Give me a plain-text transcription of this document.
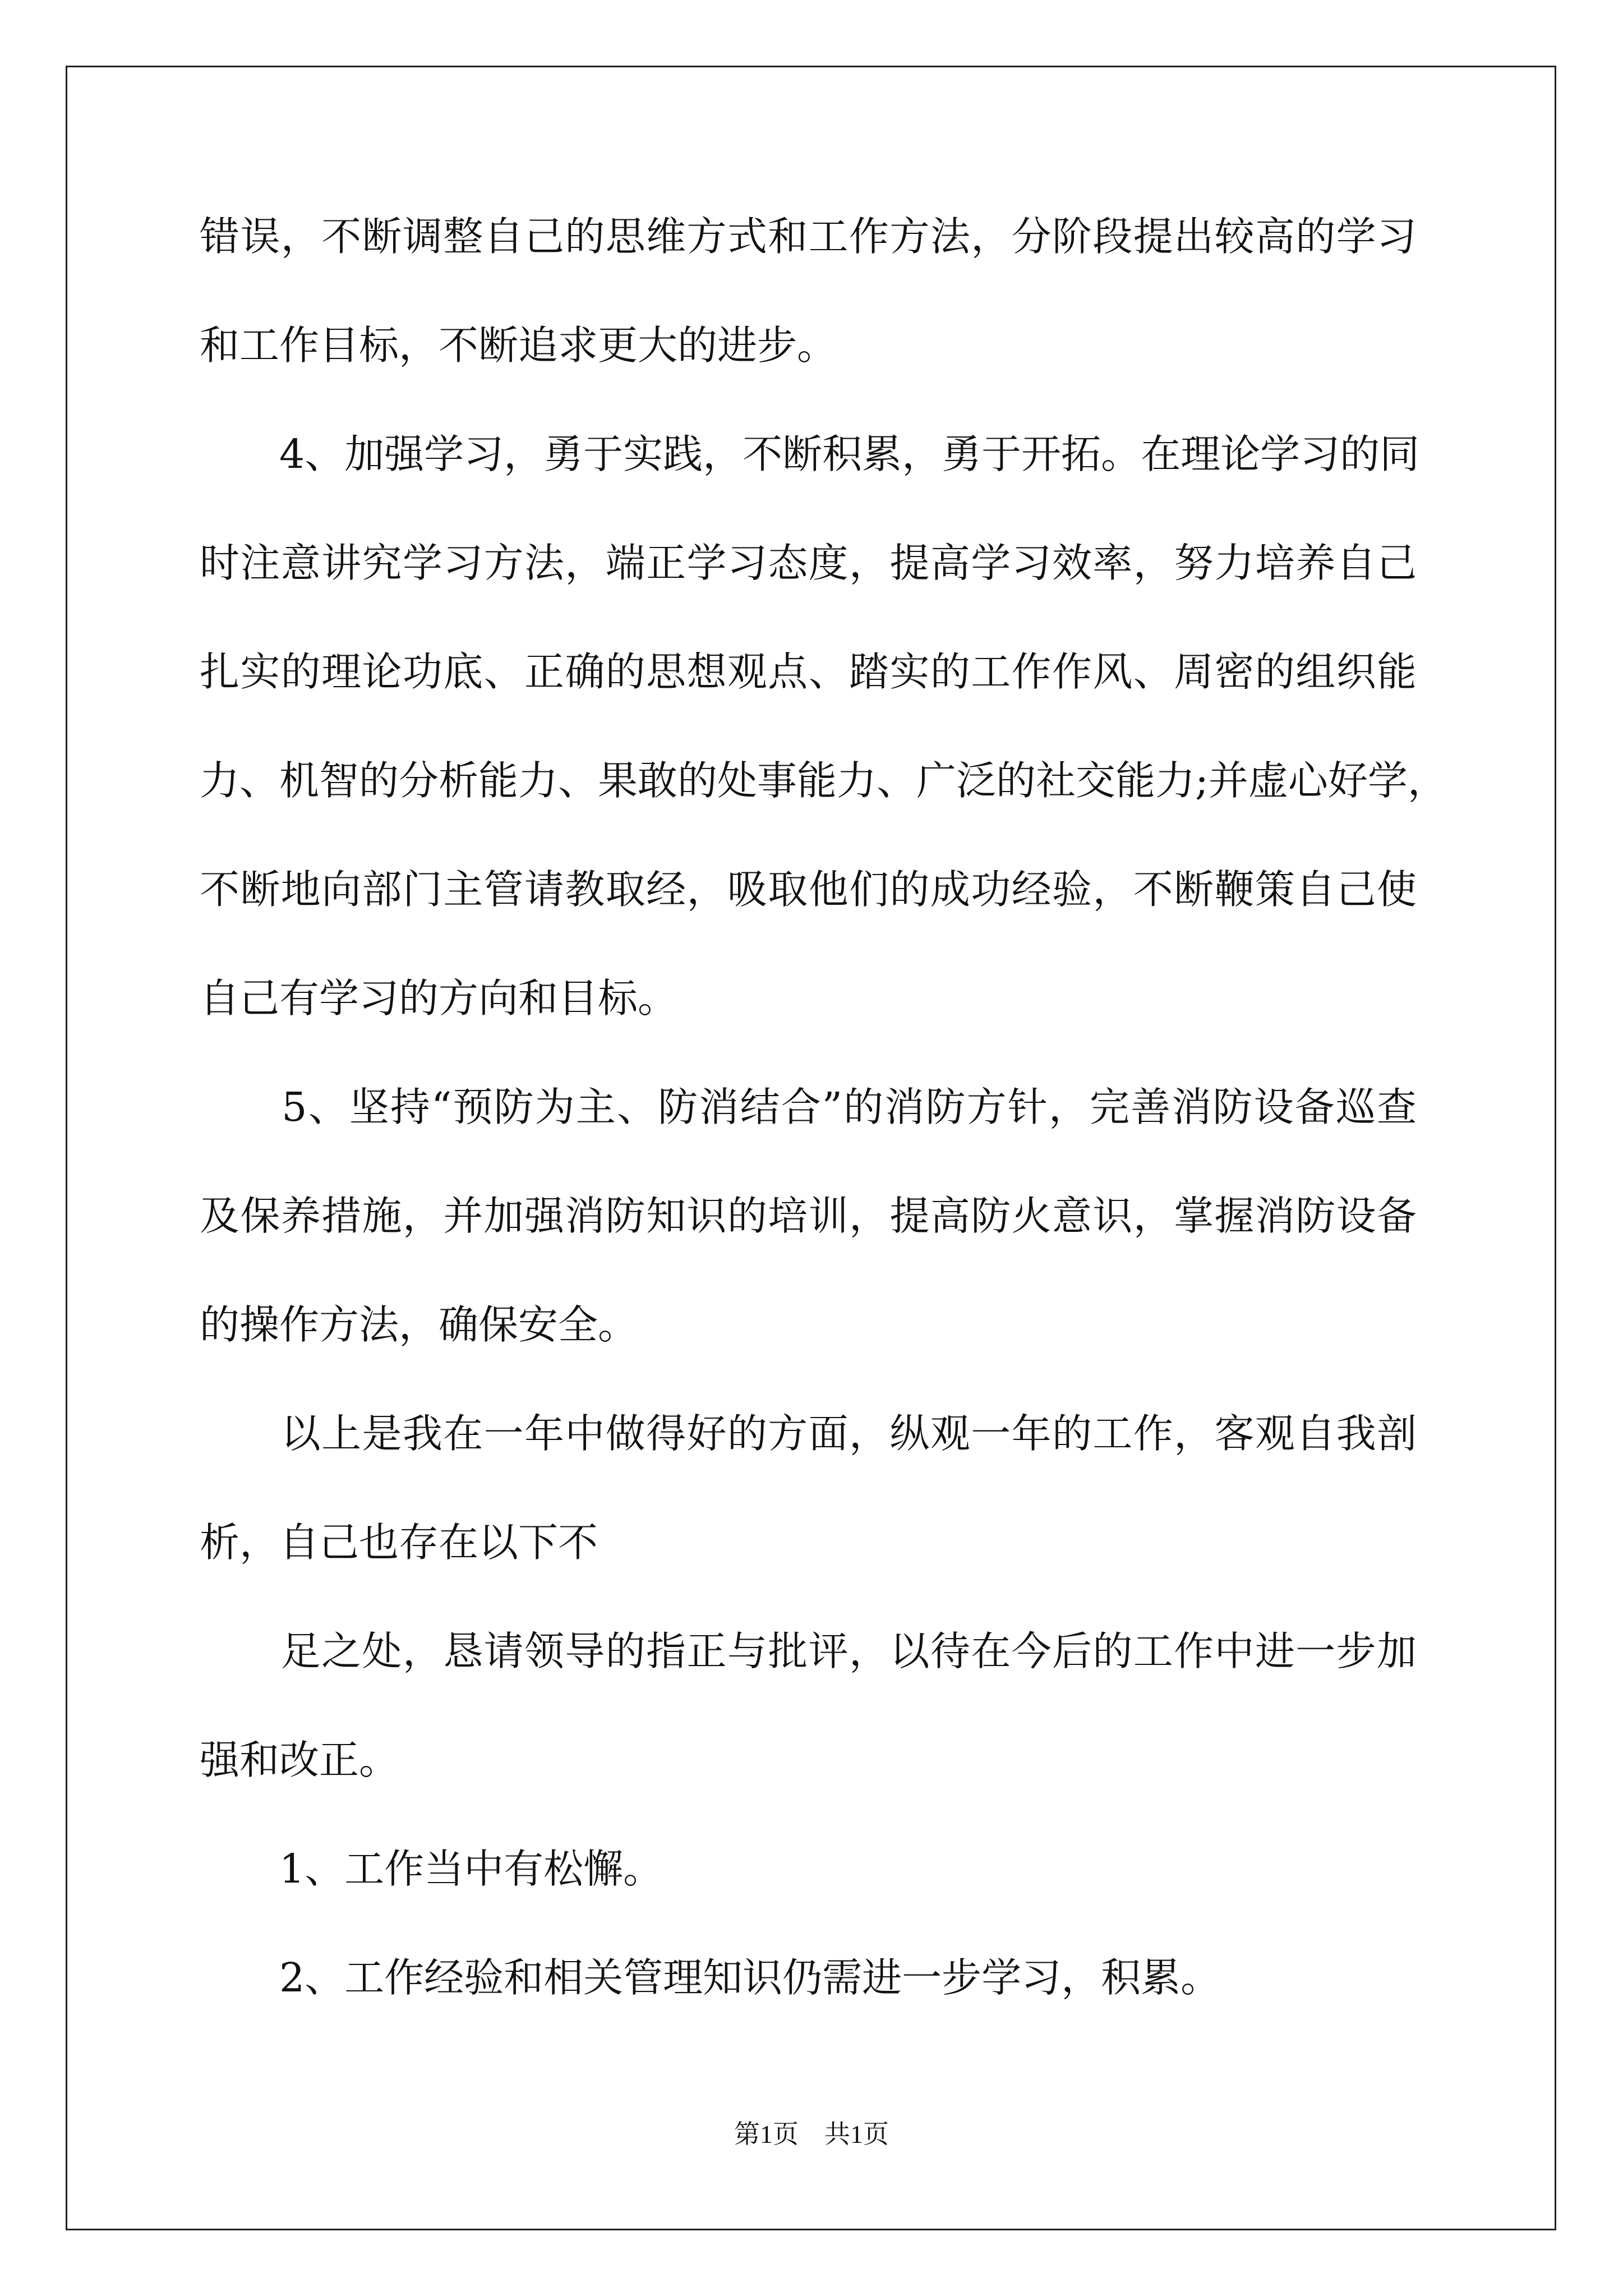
错误，不断调整自己的思维方式和工作方法，分阶段提出较高的学习
和工作目标，不断追求更大的进步。
　　4、加强学习，勇于实践，不断积累，勇于开拓。在理论学习的同
时注意讲究学习方法，端正学习态度，提高学习效率，努力培养自己
扎实的理论功底、正确的思想观点、踏实的工作作风、周密的组织能
力、机智的分析能力、果敢的处事能力、广泛的社交能力;并虚心好学，
不断地向部门主管请教取经，吸取他们的成功经验，不断鞭策自己使
自己有学习的方向和目标。
　　5、坚持“预防为主、防消结合”的消防方针，完善消防设备巡查
及保养措施，并加强消防知识的培训，提高防火意识，掌握消防设备
的操作方法，确保安全。
　　以上是我在一年中做得好的方面，纵观一年的工作，客观自我剖
析，自己也存在以下不
　　足之处，恳请领导的指正与批评，以待在今后的工作中进一步加
强和改正。
　　1、工作当中有松懈。
　　2、工作经验和相关管理知识仍需进一步学习，积累。
第1页　共1页
